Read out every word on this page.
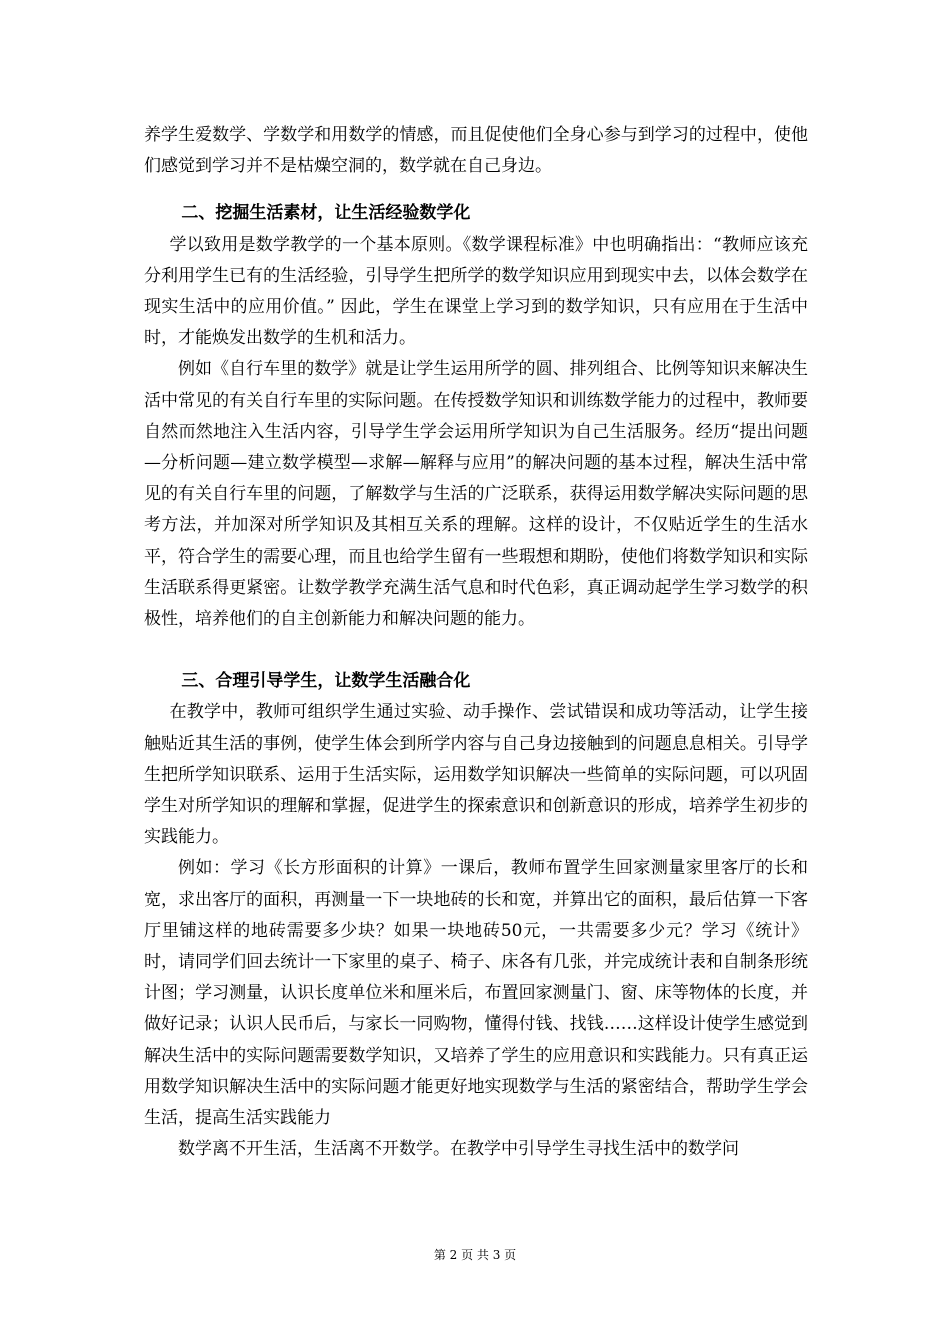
养学生爱数学、学数学和用数学的情感，而且促使他们全身心参与到学习的过程中，使他们感觉到学习并不是枯燥空洞的，数学就在自己身边。

二、挖掘生活素材，让生活经验数学化

学以致用是数学教学的一个基本原则。《数学课程标准》中也明确指出：“教师应该充分利用学生已有的生活经验，引导学生把所学的数学知识应用到现实中去，以体会数学在现实生活中的应用价值。” 因此，学生在课堂上学习到的数学知识，只有应用在于生活中时，才能焕发出数学的生机和活力。

例如《自行车里的数学》就是让学生运用所学的圆、排列组合、比例等知识来解决生活中常见的有关自行车里的实际问题。在传授数学知识和训练数学能力的过程中，教师要自然而然地注入生活内容，引导学生学会运用所学知识为自己生活服务。经历“提出问题—分析问题—建立数学模型—求解—解释与应用”的解决问题的基本过程，解决生活中常见的有关自行车里的问题，了解数学与生活的广泛联系，获得运用数学解决实际问题的思考方法，并加深对所学知识及其相互关系的理解。这样的设计，不仅贴近学生的生活水平，符合学生的需要心理，而且也给学生留有一些瑕想和期盼，使他们将数学知识和实际生活联系得更紧密。让数学教学充满生活气息和时代色彩，真正调动起学生学习数学的积极性，培养他们的自主创新能力和解决问题的能力。

三、合理引导学生，让数学生活融合化

在教学中，教师可组织学生通过实验、动手操作、尝试错误和成功等活动，让学生接触贴近其生活的事例，使学生体会到所学内容与自己身边接触到的问题息息相关。引导学生把所学知识联系、运用于生活实际，运用数学知识解决一些简单的实际问题，可以巩固学生对所学知识的理解和掌握，促进学生的探索意识和创新意识的形成，培养学生初步的实践能力。

例如：学习《长方形面积的计算》一课后，教师布置学生回家测量家里客厅的长和宽，求出客厅的面积，再测量一下一块地砖的长和宽，并算出它的面积，最后估算一下客厅里铺这样的地砖需要多少块？如果一块地砖50元，一共需要多少元？学习《统计》时，请同学们回去统计一下家里的桌子、椅子、床各有几张，并完成统计表和自制条形统计图；学习测量，认识长度单位米和厘米后，布置回家测量门、窗、床等物体的长度，并做好记录；认识人民币后，与家长一同购物，懂得付钱、找钱……这样设计使学生感觉到解决生活中的实际问题需要数学知识，又培养了学生的应用意识和实践能力。只有真正运用数学知识解决生活中的实际问题才能更好地实现数学与生活的紧密结合，帮助学生学会生活，提高生活实践能力

数学离不开生活，生活离不开数学。在教学中引导学生寻找生活中的数学问

第 2 页 共 3 页
